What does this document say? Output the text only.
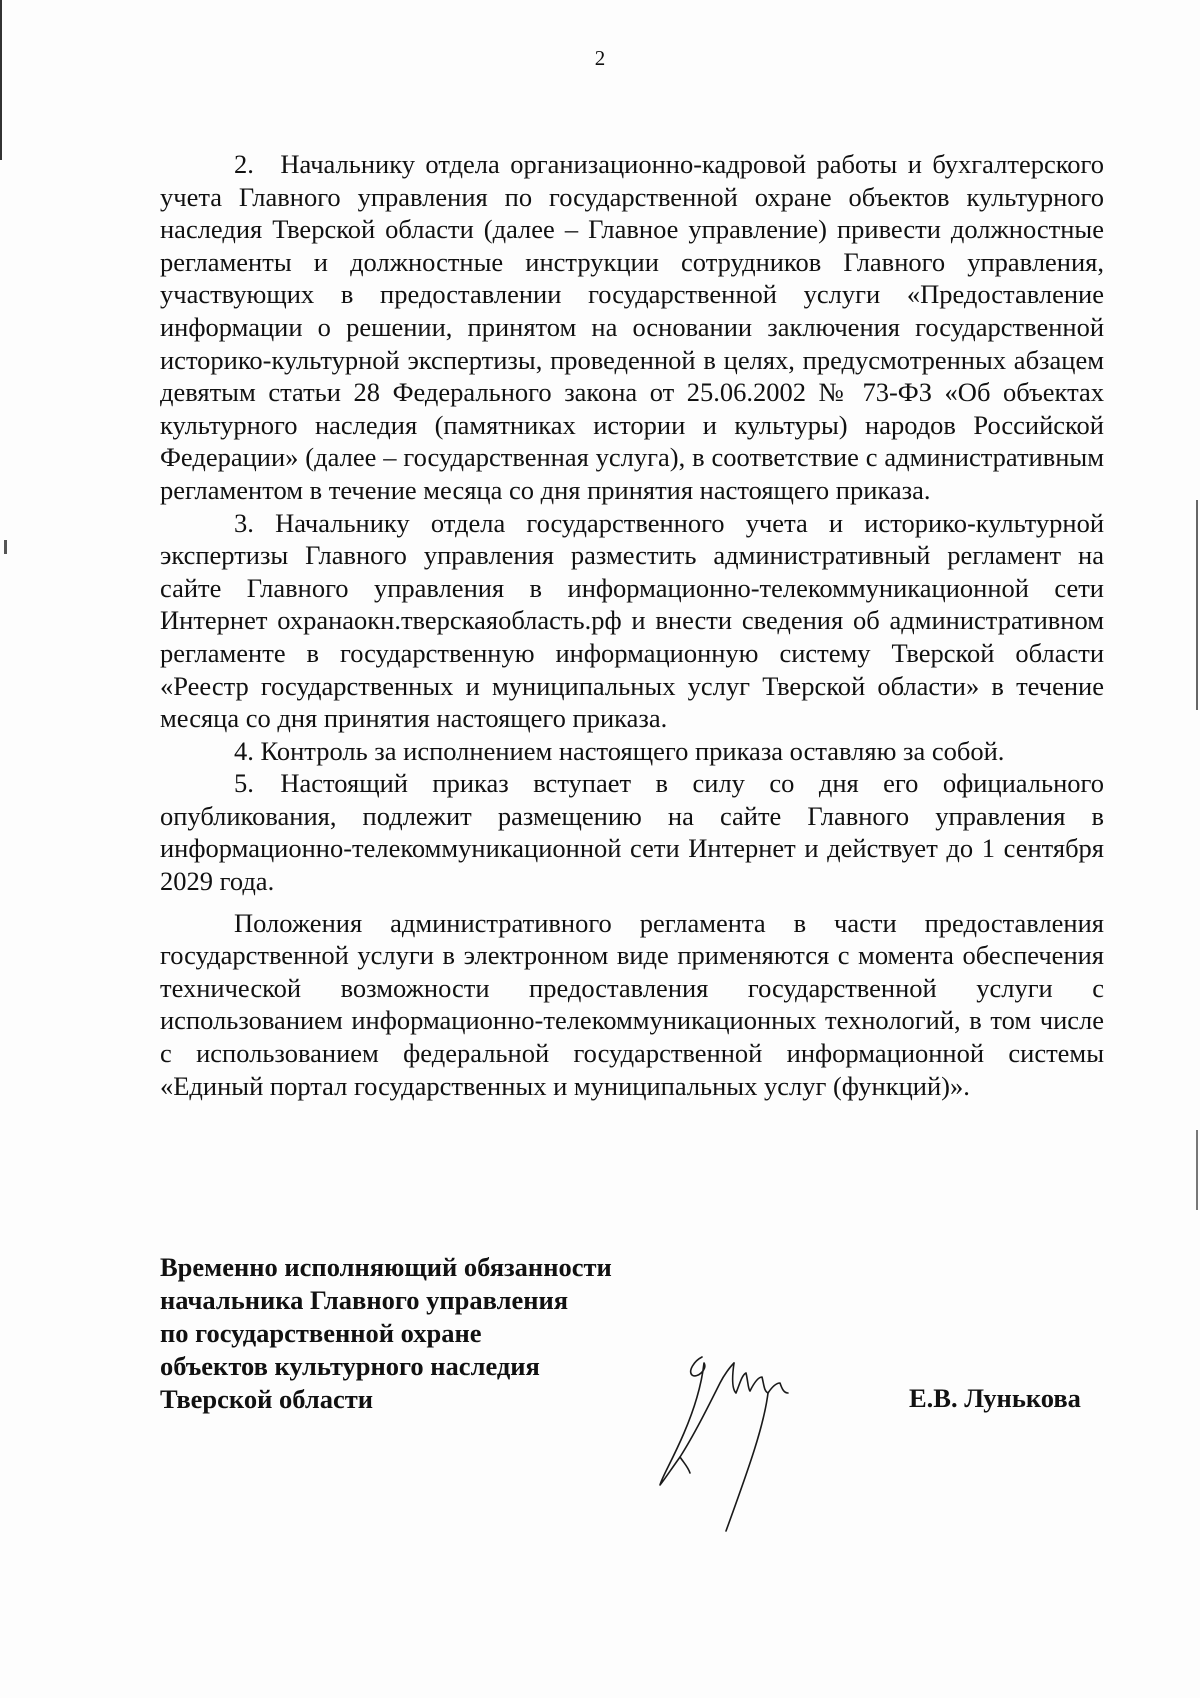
2

2. Начальнику отдела организационно-кадровой работы и бухгалтерского учета Главного управления по государственной охране объектов культурного наследия Тверской области (далее – Главное управление) привести должностные регламенты и должностные инструкции сотрудников Главного управления, участвующих в предоставлении государственной услуги «Предоставление информации о решении, принятом на основании заключения государственной историко-культурной экспертизы, проведенной в целях, предусмотренных абзацем девятым статьи 28 Федерального закона от 25.06.2002 № 73-ФЗ «Об объектах культурного наследия (памятниках истории и культуры) народов Российской Федерации» (далее – государственная услуга), в соответствие с административным регламентом в течение месяца со дня принятия настоящего приказа.

3. Начальнику отдела государственного учета и историко-культурной экспертизы Главного управления разместить административный регламент на сайте Главного управления в информационно-телекоммуникационной сети Интернет охранаокн.тверскаяобласть.рф и внести сведения об административном регламенте в государственную информационную систему Тверской области «Реестр государственных и муниципальных услуг Тверской области» в течение месяца со дня принятия настоящего приказа.

4. Контроль за исполнением настоящего приказа оставляю за собой.

5. Настоящий приказ вступает в силу со дня его официального опубликования, подлежит размещению на сайте Главного управления в информационно-телекоммуникационной сети Интернет и действует до 1 сентября 2029 года.

Положения административного регламента в части предоставления государственной услуги в электронном виде применяются с момента обеспечения технической возможности предоставления государственной услуги с использованием информационно-телекоммуникационных технологий, в том числе с использованием федеральной государственной информационной системы «Единый портал государственных и муниципальных услуг (функций)».

Временно исполняющий обязанности
начальника Главного управления
по государственной охране
объектов культурного наследия
Тверской области	Е.В. Лунькова
